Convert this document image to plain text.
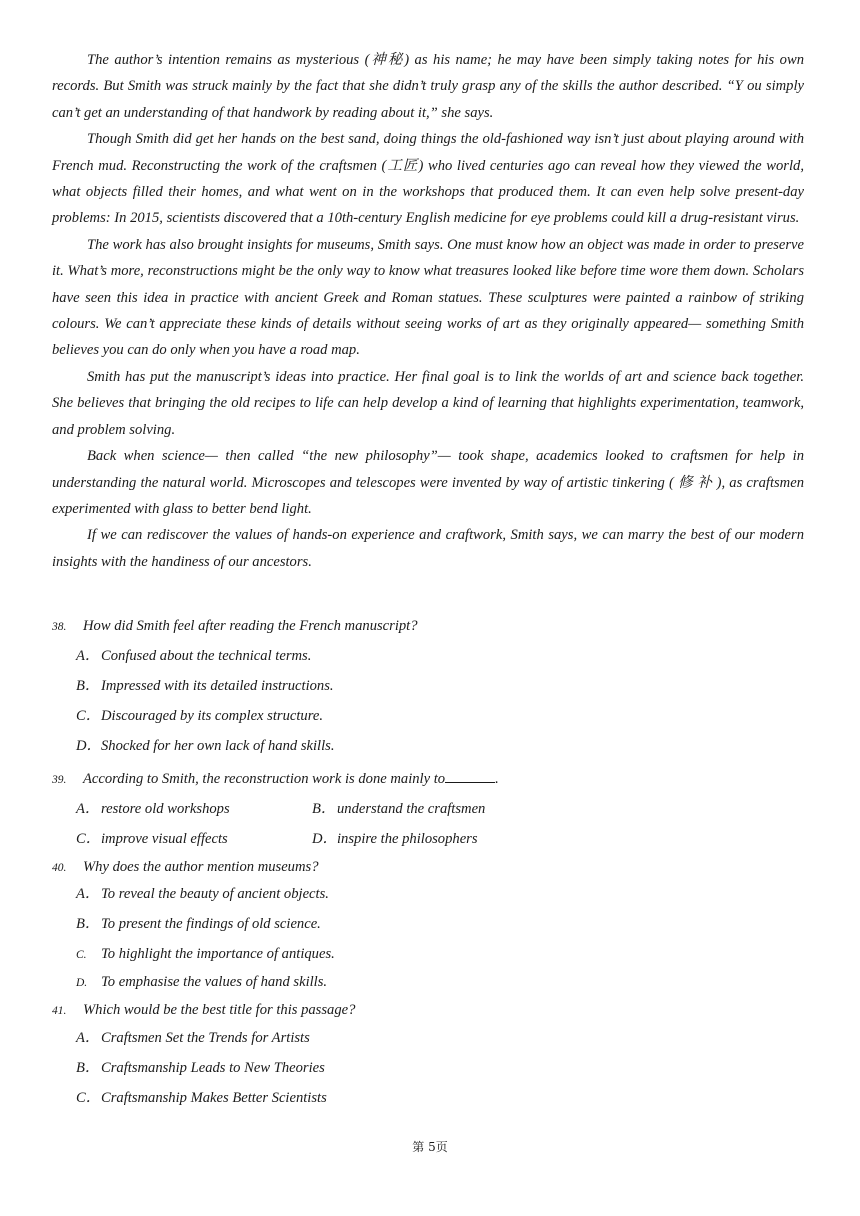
The author’s intention remains as mysterious (神秘) as his name; he may have been simply taking notes for his own records. But Smith was struck mainly by the fact that she didn’t truly grasp any of the skills the author described. “Y ou simply can’t get an understanding of that handwork by reading about it,” she says.

Though Smith did get her hands on the best sand, doing things the old-fashioned way isn’t just about playing around with French mud. Reconstructing the work of the craftsmen (工匠) who lived centuries ago can reveal how they viewed the world, what objects filled their homes, and what went on in the workshops that produced them. It can even help solve present-day problems: In 2015, scientists discovered that a 10th-century English medicine for eye problems could kill a drug-resistant virus.

The work has also brought insights for museums, Smith says. One must know how an object was made in order to preserve it. What’s more, reconstructions might be the only way to know what treasures looked like before time wore them down. Scholars have seen this idea in practice with ancient Greek and Roman statues. These sculptures were painted a rainbow of striking colours. We can’t appreciate these kinds of details without seeing works of art as they originally appeared— something Smith believes you can do only when you have a road map.

Smith has put the manuscript’s ideas into practice. Her final goal is to link the worlds of art and science back together. She believes that bringing the old recipes to life can help develop a kind of learning that highlights experimentation, teamwork, and problem solving.

Back when science— then called “the new philosophy”— took shape, academics looked to craftsmen for help in understanding the natural world. Microscopes and telescopes were invented by way of artistic tinkering ( 修 补 ), as craftsmen experimented with glass to better bend light.

If we can rediscover the values of hands-on experience and craftwork, Smith says, we can marry the best of our modern insights with the handiness of our ancestors.

38. How did Smith feel after reading the French manuscript?

A．Confused about the technical terms.

B．Impressed with its detailed instructions.

C．Discouraged by its complex structure.

D．Shocked for her own lack of hand skills.

39. According to Smith, the reconstruction work is done mainly to	.

A．restore old workshops	B．understand the craftsmen
C．improve visual effects	D．inspire the philosophers

40. Why does the author mention museums?

A．To reveal the beauty of ancient objects.

B．To present the findings of old science.

C. To highlight the importance of antiques.

D. To emphasise the values of hand skills.

41. Which would be the best title for this passage?

A．Craftsmen Set the Trends for Artists

B．Craftsmanship Leads to New Theories

C．Craftsmanship Makes Better Scientists

第 5页
